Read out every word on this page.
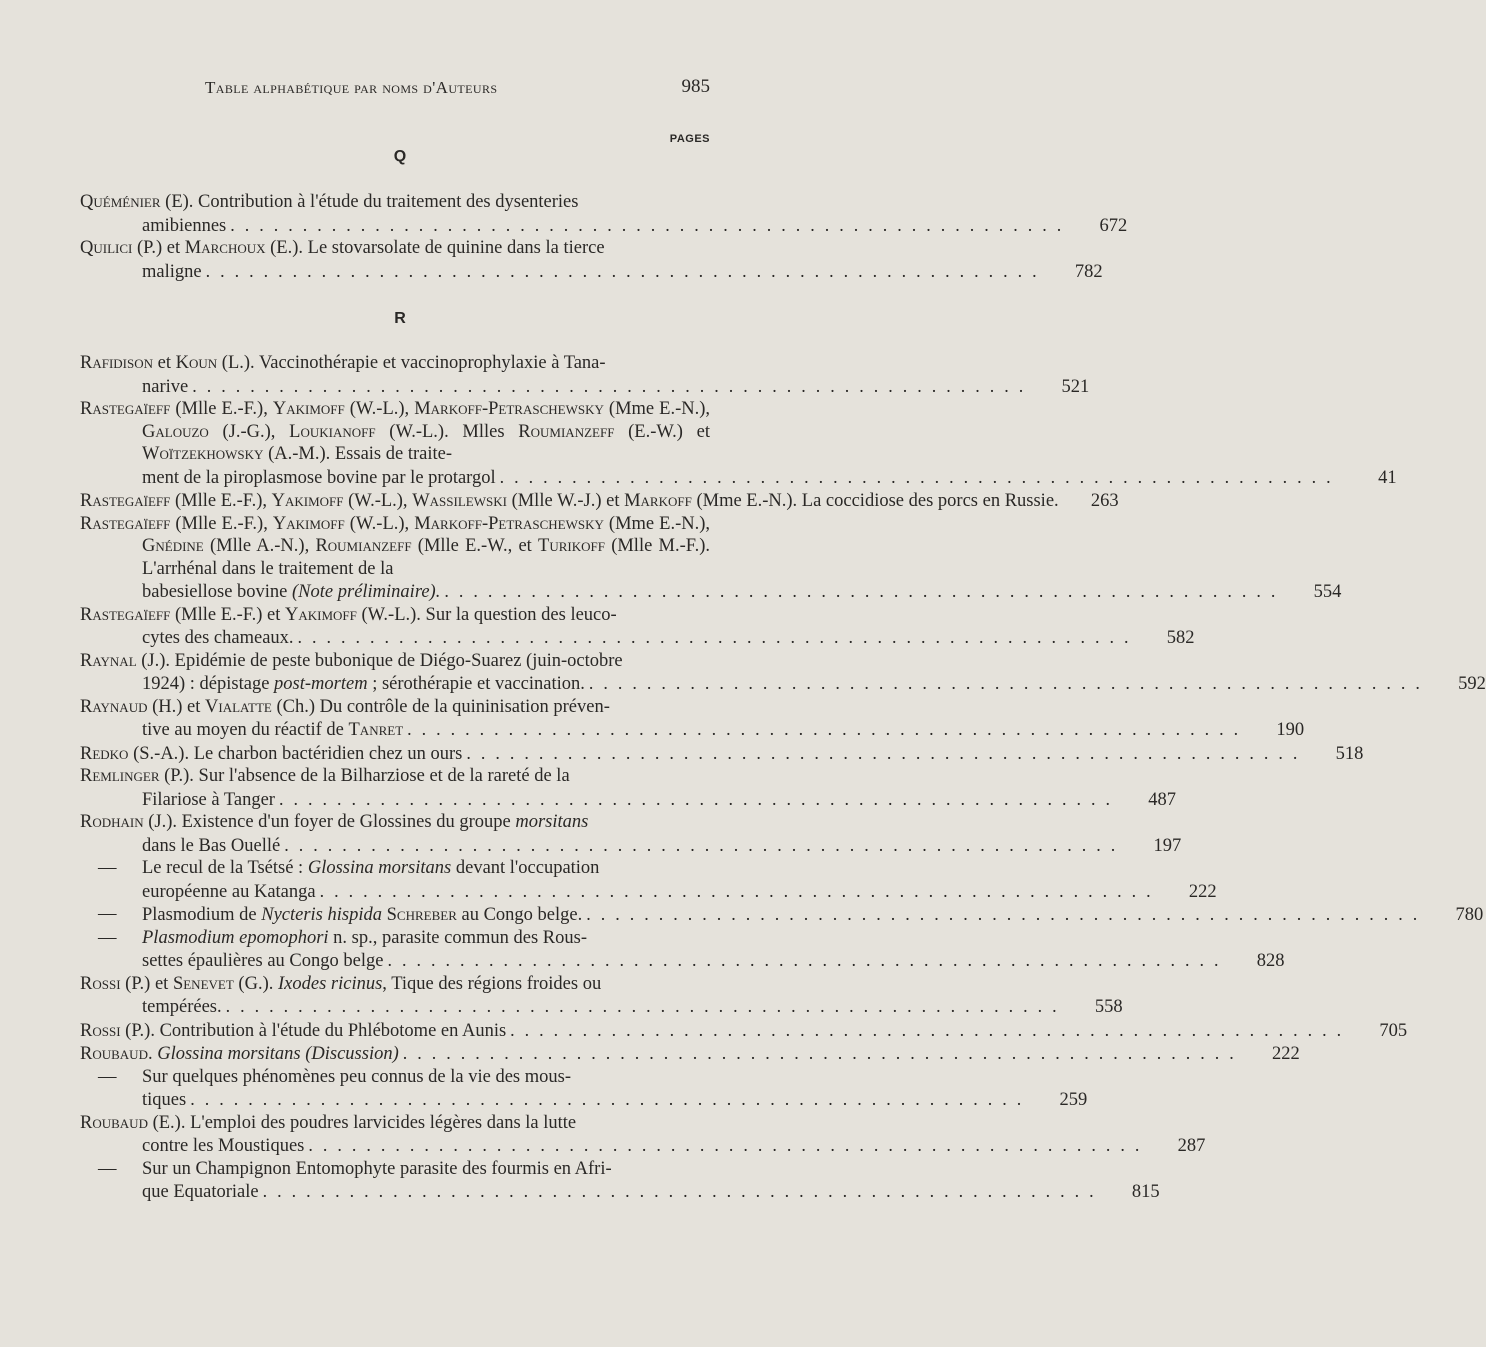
Table alphabétique par noms d'Auteurs	985
PAGES
Q
Quéménier (E). Contribution à l'étude du traitement des dysenteries
amibiennes ..........................................................	672
Quilici (P.) et Marchoux (E.). Le stovarsolate de quinine dans la tierce
maligne ..........................................................	782
R
Rafidison et Koun (L.). Vaccinothérapie et vaccinoprophylaxie à Tana-
narive ..........................................................	521
Rastegaïeff (Mlle E.-F.), Yakimoff (W.-L.), Markoff-Petraschewsky (Mme E.-N.), Galouzo (J.-G.), Loukianoff (W.-L.). Mlles Roumianzeff (E.-W.) et Woïtzekhowsky (A.-M.). Essais de traite-
ment de la piroplasmose bovine par le protargol ..........................................................	41
Rastegaïeff (Mlle E.-F.), Yakimoff (W.-L.), Wassilewski (Mlle W.-J.) et Markoff (Mme E.-N.). La coccidiose des porcs en Russie.	263
Rastegaïeff (Mlle E.-F.), Yakimoff (W.-L.), Markoff-Petraschewsky (Mme E.-N.), Gnédine (Mlle A.-N.), Roumianzeff (Mlle E.-W., et Turikoff (Mlle M.-F.). L'arrhénal dans le traitement de la
babesiellose bovine (Note préliminaire). ..........................................................	554
Rastegaïeff (Mlle E.-F.) et Yakimoff (W.-L.). Sur la question des leuco-
cytes des chameaux. ..........................................................	582
Raynal (J.). Epidémie de peste bubonique de Diégo-Suarez (juin-octobre
1924) : dépistage post-mortem ; sérothérapie et vaccination. ..........................................................	592
Raynaud (H.) et Vialatte (Ch.) Du contrôle de la quininisation préven-
tive au moyen du réactif de Tanret ..........................................................	190
Redko (S.-A.). Le charbon bactéridien chez un ours ..........................................................	518
Remlinger (P.). Sur l'absence de la Bilharziose et de la rareté de la
Filariose à Tanger ..........................................................	487
Rodhain (J.). Existence d'un foyer de Glossines du groupe morsitans
dans le Bas Ouellé ..........................................................	197
— Le recul de la Tsétsé : Glossina morsitans devant l'occupation
européenne au Katanga ..........................................................	222
— Plasmodium de Nycteris hispida Schreber au Congo belge. ..........................................................	780
— Plasmodium epomophori n. sp., parasite commun des Rous-
settes épaulières au Congo belge ..........................................................	828
Rossi (P.) et Senevet (G.). Ixodes ricinus, Tique des régions froides ou
tempérées. ..........................................................	558
Rossi (P.). Contribution à l'étude du Phlébotome en Aunis ..........................................................	705
Roubaud. Glossina morsitans (Discussion) ..........................................................	222
— Sur quelques phénomènes peu connus de la vie des mous-
tiques ..........................................................	259
Roubaud (E.). L'emploi des poudres larvicides légères dans la lutte
contre les Moustiques ..........................................................	287
— Sur un Champignon Entomophyte parasite des fourmis en Afri-
que Equatoriale ..........................................................	815
